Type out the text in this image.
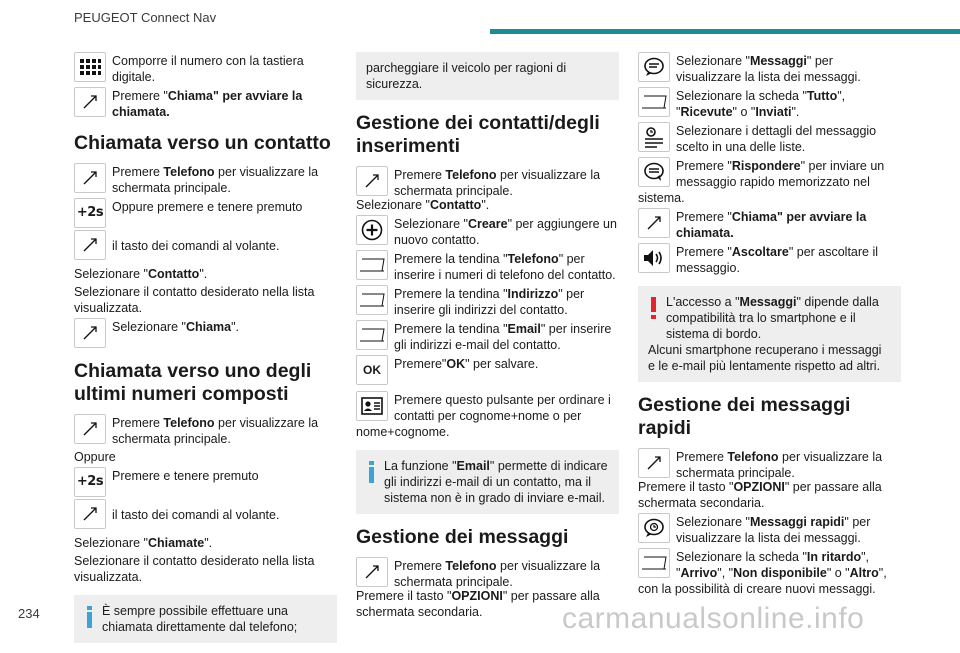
PEUGEOT Connect Nav
Comporre il numero con la tastiera digitale.
Premere "Chiama" per avviare la chiamata.
Chiamata verso un contatto
Premere Telefono per visualizzare la schermata principale.
+2s Oppure premere e tenere premuto
il tasto dei comandi al volante.

Selezionare "Contatto".

Selezionare il contatto desiderato nella lista visualizzata.

Selezionare "Chiama".
Chiamata verso uno degli ultimi numeri composti
Premere Telefono per visualizzare la schermata principale.

Oppure

+2s Premere e tenere premuto
il tasto dei comandi al volante.

Selezionare "Chiamate".

Selezionare il contatto desiderato nella lista visualizzata.

È sempre possibile effettuare una chiamata direttamente dal telefono;
parcheggiare il veicolo per ragioni di sicurezza.
Gestione dei contatti/degli inserimenti
Premere Telefono per visualizzare la schermata principale.

Selezionare "Contatto".

Selezionare "Creare" per aggiungere un nuovo contatto.
Premere la tendina "Telefono" per inserire i numeri di telefono del contatto.
Premere la tendina "Indirizzo" per inserire gli indirizzi del contatto.
Premere la tendina "Email" per inserire gli indirizzi e-mail del contatto.
OK Premere"OK" per salvare.
Premere questo pulsante per ordinare i contatti per cognome+nome o per

nome+cognome.

La funzione "Email" permette di indicare gli indirizzi e-mail di un contatto, ma il sistema non è in grado di inviare e-mail.
Gestione dei messaggi
Premere Telefono per visualizzare la schermata principale.

Premere il tasto "OPZIONI" per passare alla schermata secondaria.

Selezionare "Messaggi" per visualizzare la lista dei messaggi.
Selezionare la scheda "Tutto", "Ricevute" o "Inviati".
Selezionare i dettagli del messaggio scelto in una delle liste.
Premere "Rispondere" per inviare un messaggio rapido memorizzato nel

sistema.

Premere "Chiama" per avviare la chiamata.
Premere "Ascoltare" per ascoltare il messaggio.
L'accesso a "Messaggi" dipende dalla compatibilità tra lo smartphone e il sistema di bordo.
Alcuni smartphone recuperano i messaggi e le e-mail più lentamente rispetto ad altri.
Gestione dei messaggi rapidi
Premere Telefono per visualizzare la schermata principale.

Premere il tasto "OPZIONI" per passare alla schermata secondaria.

Selezionare "Messaggi rapidi" per visualizzare la lista dei messaggi.
Selezionare la scheda "In ritardo", "Arrivo", "Non disponibile" o "Altro",

con la possibilità di creare nuovi messaggi.

234	carmanualsonline.info
